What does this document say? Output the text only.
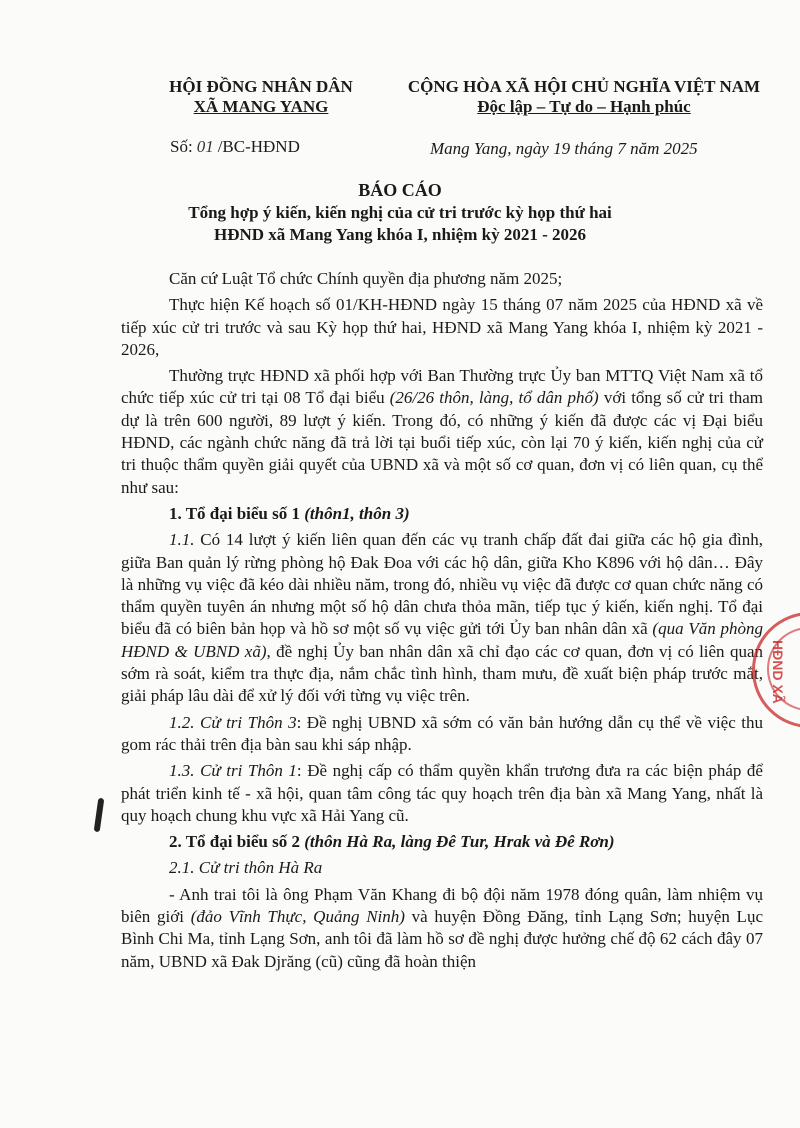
HỘI ĐỒNG NHÂN DÂN
XÃ MANG YANG
CỘNG HÒA XÃ HỘI CHỦ NGHĨA VIỆT NAM
Độc lập – Tự do – Hạnh phúc
Số: 01 /BC-HĐND	Mang Yang, ngày 19 tháng 7 năm 2025
BÁO CÁO
Tổng hợp ý kiến, kiến nghị của cử tri trước kỳ họp thứ hai
HĐND xã Mang Yang khóa I, nhiệm kỳ 2021 - 2026

Căn cứ Luật Tổ chức Chính quyền địa phương năm 2025;

Thực hiện Kế hoạch số 01/KH-HĐND ngày 15 tháng 07 năm 2025 của HĐND xã về tiếp xúc cử tri trước và sau Kỳ họp thứ hai, HĐND xã Mang Yang khóa I, nhiệm kỳ 2021 - 2026,

Thường trực HĐND xã phối hợp với Ban Thường trực Ủy ban MTTQ Việt Nam xã tổ chức tiếp xúc cử tri tại 08 Tổ đại biểu (26/26 thôn, làng, tổ dân phố) với tổng số cử tri tham dự là trên 600 người, 89 lượt ý kiến. Trong đó, có những ý kiến đã được các vị Đại biểu HĐND, các ngành chức năng đã trả lời tại buổi tiếp xúc, còn lại 70 ý kiến, kiến nghị của cử tri thuộc thẩm quyền giải quyết của UBND xã và một số cơ quan, đơn vị có liên quan, cụ thể như sau:

1. Tổ đại biểu số 1 (thôn1, thôn 3)

1.1. Có 14 lượt ý kiến liên quan đến các vụ tranh chấp đất đai giữa các hộ gia đình, giữa Ban quản lý rừng phòng hộ Đak Đoa với các hộ dân, giữa Kho K896 với hộ dân… Đây là những vụ việc đã kéo dài nhiều năm, trong đó, nhiều vụ việc đã được cơ quan chức năng có thẩm quyền tuyên án nhưng một số hộ dân chưa thỏa mãn, tiếp tục ý kiến, kiến nghị. Tổ đại biểu đã có biên bản họp và hồ sơ một số vụ việc gửi tới Ủy ban nhân dân xã (qua Văn phòng HĐND & UBND xã), đề nghị Ủy ban nhân dân xã chỉ đạo các cơ quan, đơn vị có liên quan sớm rà soát, kiểm tra thực địa, nắm chắc tình hình, tham mưu, đề xuất biện pháp trước mắt, giải pháp lâu dài để xử lý đối với từng vụ việc trên.

1.2. Cử tri Thôn 3: Đề nghị UBND xã sớm có văn bản hướng dẫn cụ thể về việc thu gom rác thải trên địa bàn sau khi sáp nhập.

1.3. Cử tri Thôn 1: Đề nghị cấp có thẩm quyền khẩn trương đưa ra các biện pháp để phát triển kinh tế - xã hội, quan tâm công tác quy hoạch trên địa bàn xã Mang Yang, nhất là quy hoạch chung khu vực xã Hải Yang cũ.

2. Tổ đại biểu số 2 (thôn Hà Ra, làng Đê Tur, Hrak và Đê Rơn)

2.1. Cử tri thôn Hà Ra

- Anh trai tôi là ông Phạm Văn Khang đi bộ đội năm 1978 đóng quân, làm nhiệm vụ biên giới (đảo Vĩnh Thực, Quảng Ninh) và huyện Đồng Đăng, tỉnh Lạng Sơn; huyện Lục Bình Chi Ma, tỉnh Lạng Sơn, anh tôi đã làm hồ sơ đề nghị được hưởng chế độ 62 cách đây 07 năm, UBND xã Đak Djrăng (cũ) cũng đã hoàn thiện

HĐND XÃ
